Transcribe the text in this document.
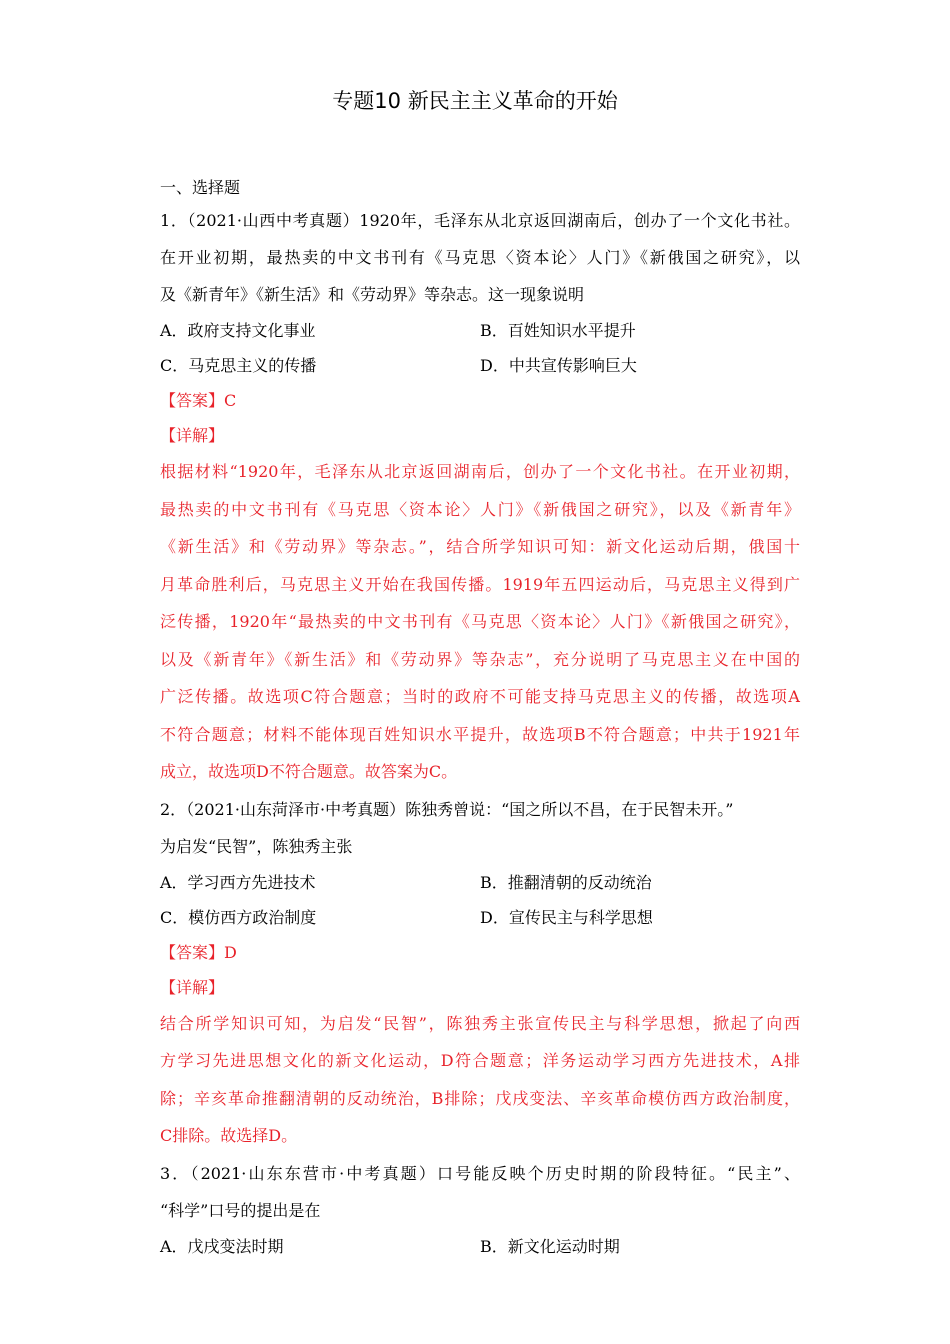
专题10 新民主主义革命的开始
一、选择题
1．（2021·山西中考真题）1920年，毛泽东从北京返回湖南后，创办了一个文化书社。
在开业初期，最热卖的中文书刊有《马克思〈资本论〉人门》《新俄国之研究》，以
及《新青年》《新生活》和《劳动界》等杂志。这一现象说明
A．政府支持文化事业	B．百姓知识水平提升
C．马克思主义的传播	D．中共宣传影响巨大
【答案】C
【详解】
根据材料“1920年，毛泽东从北京返回湖南后，创办了一个文化书社。在开业初期，
最热卖的中文书刊有《马克思〈资本论〉人门》《新俄国之研究》，以及《新青年》
《新生活》和《劳动界》等杂志。”，结合所学知识可知：新文化运动后期，俄国十
月革命胜利后，马克思主义开始在我国传播。1919年五四运动后，马克思主义得到广
泛传播，1920年“最热卖的中文书刊有《马克思〈资本论〉人门》《新俄国之研究》，
以及《新青年》《新生活》和《劳动界》等杂志”，充分说明了马克思主义在中国的
广泛传播。故选项C符合题意；当时的政府不可能支持马克思主义的传播，故选项A
不符合题意；材料不能体现百姓知识水平提升，故选项B不符合题意；中共于1921年
成立，故选项D不符合题意。故答案为C。
2．（2021·山东菏泽市·中考真题）陈独秀曾说：“国之所以不昌，在于民智未开。”
为启发“民智”，陈独秀主张
A．学习西方先进技术	B．推翻清朝的反动统治
C．模仿西方政治制度	D．宣传民主与科学思想
【答案】D
【详解】
结合所学知识可知，为启发“民智”，陈独秀主张宣传民主与科学思想，掀起了向西
方学习先进思想文化的新文化运动，D符合题意；洋务运动学习西方先进技术，A排
除；辛亥革命推翻清朝的反动统治，B排除；戊戌变法、辛亥革命模仿西方政治制度，
C排除。故选择D。
3．（2021·山东东营市·中考真题）口号能反映个历史时期的阶段特征。“民主”、
“科学”口号的提出是在
A．戊戌变法时期	B．新文化运动时期
